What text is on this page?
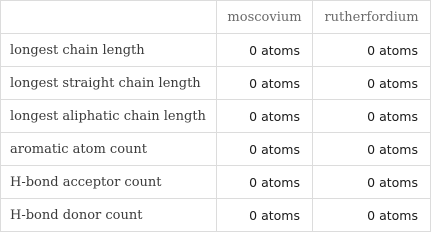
	moscovium	rutherfordium
longest chain length	0 atoms	0 atoms
longest straight chain length	0 atoms	0 atoms
longest aliphatic chain length	0 atoms	0 atoms
aromatic atom count	0 atoms	0 atoms
H-bond acceptor count	0 atoms	0 atoms
H-bond donor count	0 atoms	0 atoms
